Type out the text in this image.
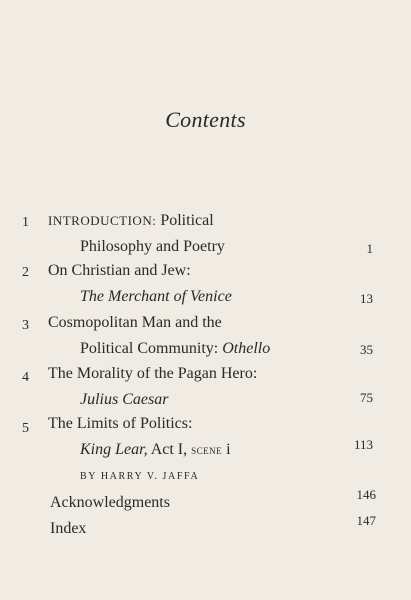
Contents
1 INTRODUCTION: Political
Philosophy and Poetry	1
2 On Christian and Jew:
The Merchant of Venice	13
3 Cosmopolitan Man and the
Political Community: Othello	35
4 The Morality of the Pagan Hero:
Julius Caesar	75
5 The Limits of Politics:
King Lear, Act I, scene i	113
BY HARRY V. JAFFA
Acknowledgments	146
Index	147
